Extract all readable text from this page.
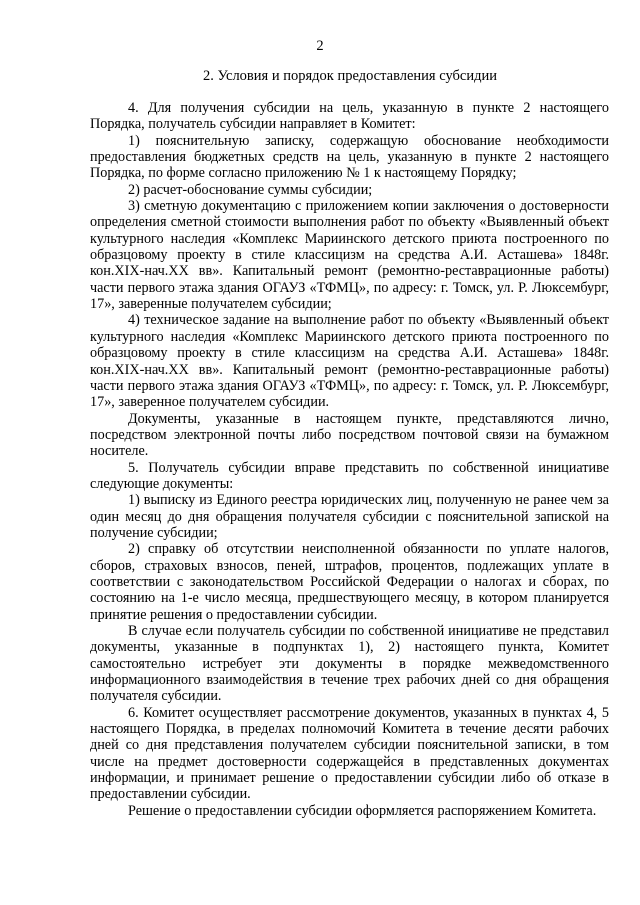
2
2. Условия и порядок предоставления субсидии

4. Для получения субсидии на цель, указанную в пункте 2 настоящего Порядка, получатель субсидии направляет в Комитет:

1) пояснительную записку, содержащую обоснование необходимости предоставления бюджетных средств на цель, указанную в пункте 2 настоящего Порядка, по форме согласно приложению № 1 к настоящему Порядку;

2) расчет-обоснование суммы субсидии;

3) сметную документацию с приложением копии заключения о достоверности определения сметной стоимости выполнения работ по объекту «Выявленный объект культурного наследия «Комплекс Мариинского детского приюта построенного по образцовому проекту в стиле классицизм на средства А.И. Асташева» 1848г. кон.XIX-нач.XX вв». Капитальный ремонт (ремонтно-реставрационные работы) части первого этажа здания ОГАУЗ «ТФМЦ», по адресу: г. Томск, ул. Р. Люксембург, 17», заверенные получателем субсидии;

4) техническое задание на выполнение работ по объекту «Выявленный объект культурного наследия «Комплекс Мариинского детского приюта построенного по образцовому проекту в стиле классицизм на средства А.И. Асташева» 1848г. кон.XIX-нач.XX вв». Капитальный ремонт (ремонтно-реставрационные работы) части первого этажа здания ОГАУЗ «ТФМЦ», по адресу: г. Томск, ул. Р. Люксембург, 17», заверенное получателем субсидии.

Документы, указанные в настоящем пункте, представляются лично, посредством электронной почты либо посредством почтовой связи на бумажном носителе.

5. Получатель субсидии вправе представить по собственной инициативе следующие документы:

1) выписку из Единого реестра юридических лиц, полученную не ранее чем за один месяц до дня обращения получателя субсидии с пояснительной запиской на получение субсидии;

2) справку об отсутствии неисполненной обязанности по уплате налогов, сборов, страховых взносов, пеней, штрафов, процентов, подлежащих уплате в соответствии с законодательством Российской Федерации о налогах и сборах, по состоянию на 1-е число месяца, предшествующего месяцу, в котором планируется принятие решения о предоставлении субсидии.

В случае если получатель субсидии по собственной инициативе не представил документы, указанные в подпунктах 1), 2) настоящего пункта, Комитет самостоятельно истребует эти документы в порядке межведомственного информационного взаимодействия в течение трех рабочих дней со дня обращения получателя субсидии.

6. Комитет осуществляет рассмотрение документов, указанных в пунктах 4, 5 настоящего Порядка, в пределах полномочий Комитета в течение десяти рабочих дней со дня представления получателем субсидии пояснительной записки, в том числе на предмет достоверности содержащейся в представленных документах информации, и принимает решение о предоставлении субсидии либо об отказе в предоставлении субсидии.

Решение о предоставлении субсидии оформляется распоряжением Комитета.
